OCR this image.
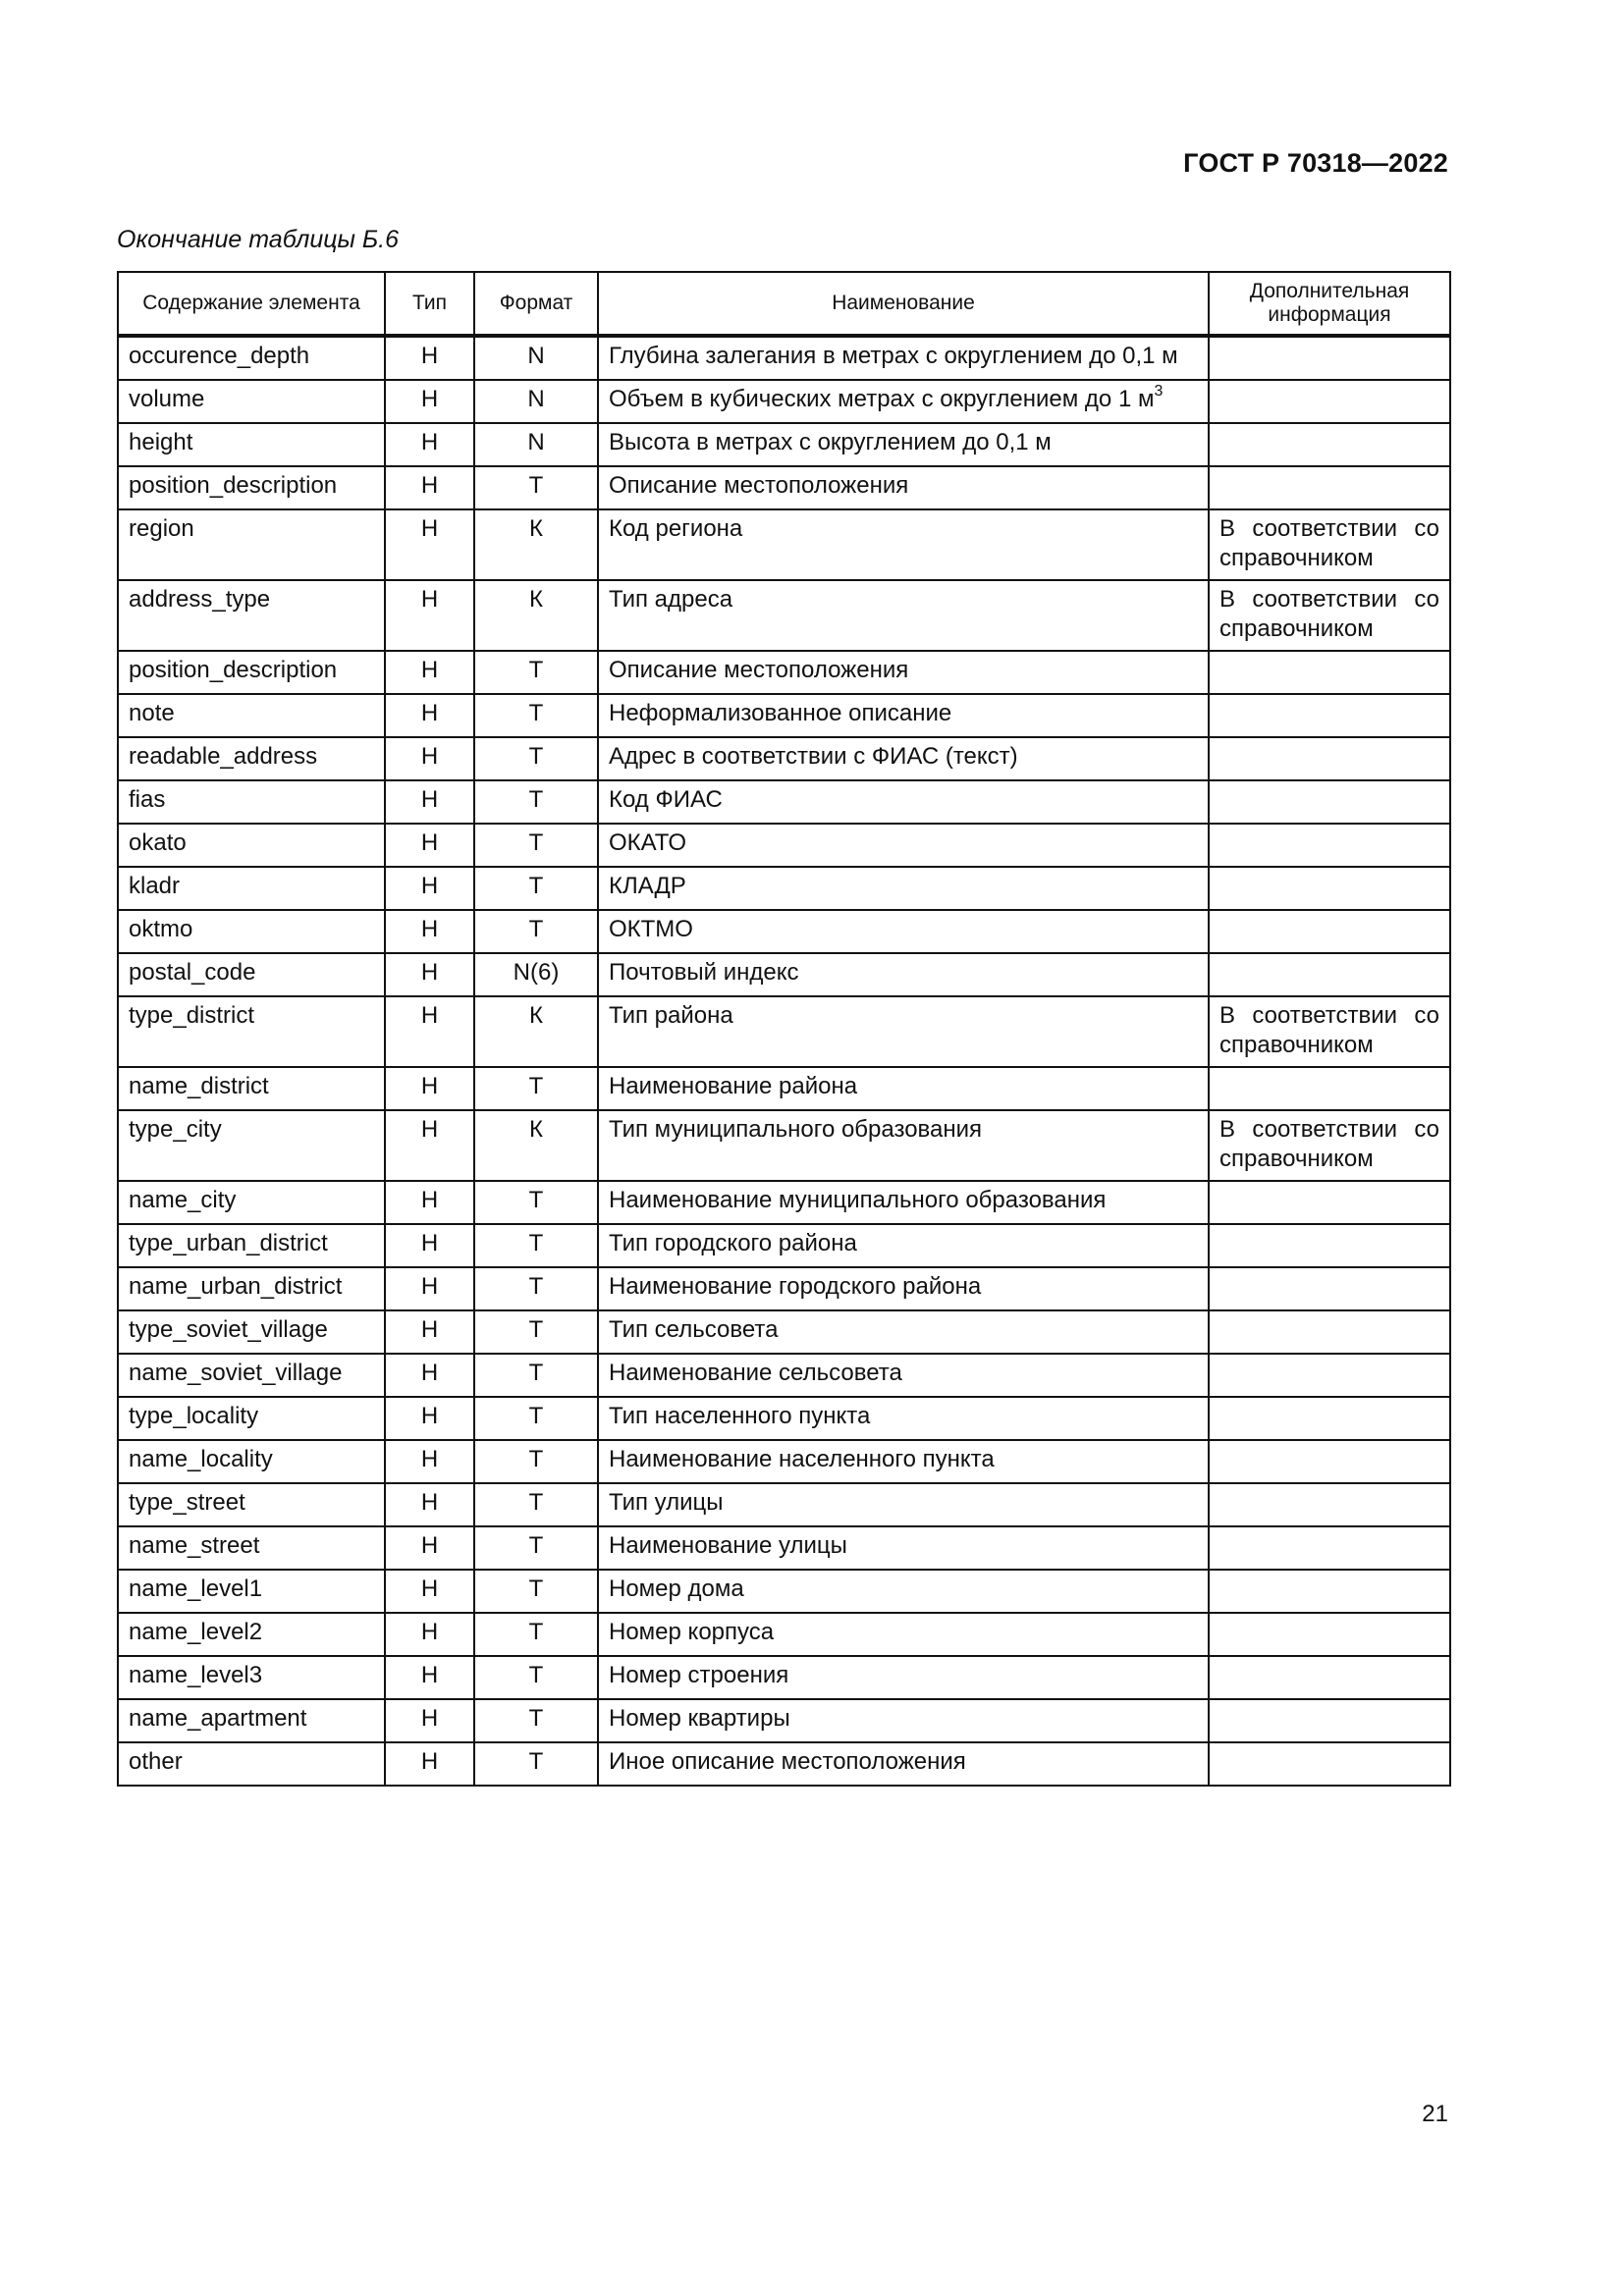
ГОСТ Р 70318—2022
Окончание таблицы Б.6
Содержание элемента	Тип	Формат	Наименование	Дополнительная информация
occurence_depth	Н	N	Глубина залегания в метрах с округлением до 0,1 м	
volume	Н	N	Объем в кубических метрах с округлением до 1 $м^3$	
height	Н	N	Высота в метрах с округлением до 0,1 м	
position_description	Н	Т	Описание местоположения	
region	Н	К	Код региона	В соответствии со справочником
address_type	Н	К	Тип адреса	В соответствии со справочником
position_description	Н	Т	Описание местоположения	
note	Н	Т	Неформализованное описание	
readable_address	Н	Т	Адрес в соответствии с ФИАС (текст)	
fias	Н	Т	Код ФИАС	
okato	Н	Т	ОКАТО	
kladr	Н	Т	КЛАДР	
oktmo	Н	Т	ОКТМО	
postal_code	Н	N(6)	Почтовый индекс	
type_district	Н	К	Тип района	В соответствии со справочником
name_district	Н	Т	Наименование района	
type_city	Н	К	Тип муниципального образования	В соответствии со справочником
name_city	Н	Т	Наименование муниципального образования	
type_urban_district	Н	Т	Тип городского района	
name_urban_district	Н	Т	Наименование городского района	
type_soviet_village	Н	Т	Тип сельсовета	
name_soviet_village	Н	Т	Наименование сельсовета	
type_locality	Н	Т	Тип населенного пункта	
name_locality	Н	Т	Наименование населенного пункта	
type_street	Н	Т	Тип улицы	
name_street	Н	Т	Наименование улицы	
name_level1	Н	Т	Номер дома	
name_level2	Н	Т	Номер корпуса	
name_level3	Н	Т	Номер строения	
name_apartment	Н	Т	Номер квартиры	
other	Н	Т	Иное описание местоположения	
21
